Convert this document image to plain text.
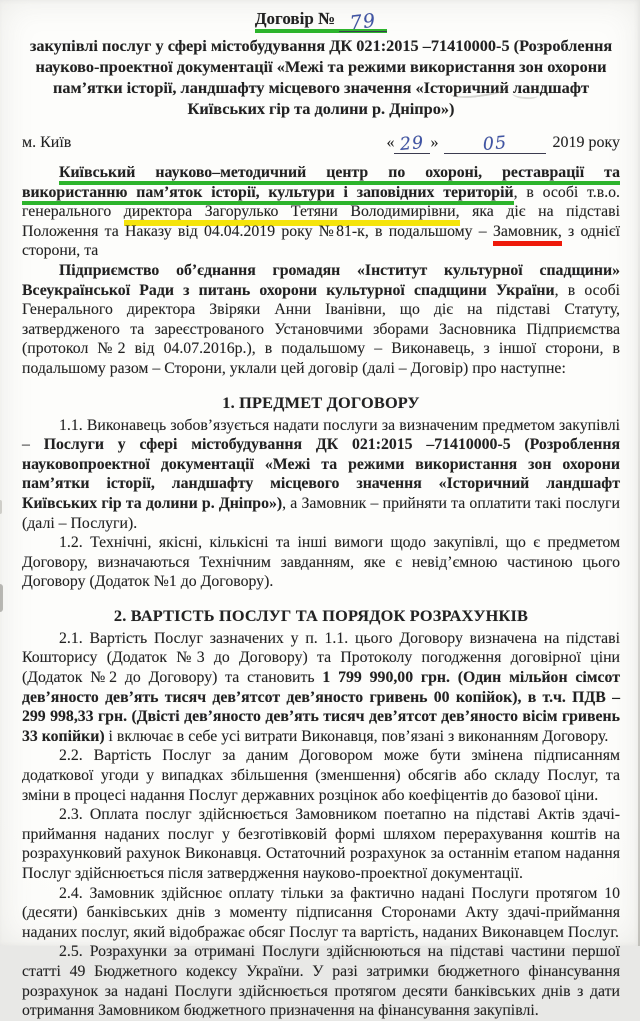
Договір № 79
закупівлі послуг у сфері містобудування ДК 021:2015 –71410000-5 (Розроблення науково-проектної документації «Межі та режими використання зон охорони пам’ятки історії, ландшафту місцевого значення «Історичний ландшафт Київських гір та долини р. Дніпро»)
м. Київ	« 29 »	05	2019 року
Київський науково–методичний центр по охороні, реставрації та використанню пам’яток історії, культури і заповідних територій, в особі т.в.о. генерального директора Загорулько Тетяни Володимирівни, яка діє на підставі Положення та Наказу від 04.04.2019 року №81-к, в подальшому – Замовник, з однієї сторони, та
Підприємство об’єднання громадян «Інститут культурної спадщини» Всеукраїнської Ради з питань охорони культурної спадщини України, в особі Генерального директора Звіряки Анни Іванівни, що діє на підставі Статуту, затвердженого та зареєстрованого Установчими зборами Засновника Підприємства (протокол №2 від 04.07.2016р.), в подальшому – Виконавець, з іншої сторони, в подальшому разом – Сторони, уклали цей договір (далі – Договір) про наступне:
1. ПРЕДМЕТ ДОГОВОРУ
1.1. Виконавець зобов’язується надати послуги за визначеним предметом закупівлі – Послуги у сфері містобудування ДК 021:2015 –71410000-5 (Розроблення науковопроектної документації «Межі та режими використання зон охорони пам’ятки історії, ландшафту місцевого значення «Історичний ландшафт Київських гір та долини р. Дніпро»), а Замовник – прийняти та оплатити такі послуги (далі – Послуги).
1.2. Технічні, якісні, кількісні та інші вимоги щодо закупівлі, що є предметом Договору, визначаються Технічним завданням, яке є невід’ємною частиною цього Договору (Додаток №1 до Договору).
2. ВАРТІСТЬ ПОСЛУГ ТА ПОРЯДОК РОЗРАХУНКІВ
2.1. Вартість Послуг зазначених у п. 1.1. цього Договору визначена на підставі Кошторису (Додаток №3 до Договору) та Протоколу погодження договірної ціни (Додаток №2 до Договору) та становить 1 799 990,00 грн. (Один мільйон сімсот дев’яносто дев’ять тисяч дев’ятсот дев’яносто гривень 00 копійок), в т.ч. ПДВ – 299 998,33 грн. (Двісті дев’яносто дев’ять тисяч дев’ятсот дев’яносто вісім гривень 33 копійки) і включає в себе усі витрати Виконавця, пов’язані з виконанням Договору.
2.2. Вартість Послуг за даним Договором може бути змінена підписанням додаткової угоди у випадках збільшення (зменшення) обсягів або складу Послуг, та зміни в процесі надання Послуг державних розцінок або коефіцентів до базової ціни.
2.3. Оплата послуг здійснюється Замовником поетапно на підставі Актів здачі-приймання наданих послуг у безготівковій формі шляхом перерахування коштів на розрахунковий рахунок Виконавця. Остаточний розрахунок за останнім етапом надання Послуг здійснюється після затвердження науково-проектної документації.
2.4. Замовник здійснює оплату тільки за фактично надані Послуги протягом 10 (десяти) банківських днів з моменту підписання Сторонами Акту здачі-приймання наданих послуг, який відображає обсяг Послуг та вартість, наданих Виконавцем Послуг.
2.5. Розрахунки за отримані Послуги здійснюються на підставі частини першої статті 49 Бюджетного кодексу України. У разі затримки бюджетного фінансування розрахунок за надані Послуги здійснюється протягом десяти банківських днів з дати отримання Замовником бюджетного призначення на фінансування закупівлі.
